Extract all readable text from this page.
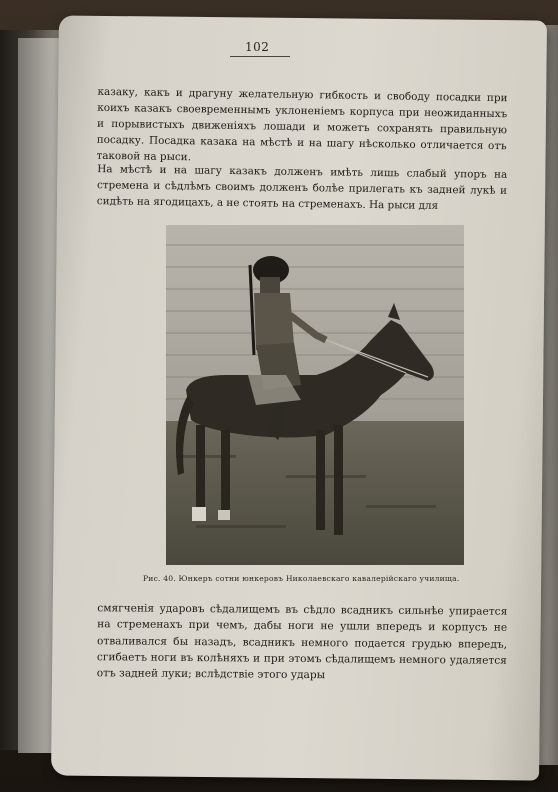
102
казаку, какъ и драгуну желательную гибкость и свободу посадки при коихъ казакъ своевременнымъ уклоненіемъ корпуса при неожиданныхъ и порывистыхъ движеніяхъ лошади и можетъ сохранять правильную посадку. Посадка казака на мѣстѣ и на шагу нѣсколько отличается отъ таковой на рыси.
На мѣстѣ и на шагу казакъ долженъ имѣть лишь слабый упоръ на стремена и сѣдлѣмъ своимъ долженъ болѣе прилегать къ задней лукѣ и сидѣть на ягодицахъ, а не стоять на стременахъ. На рыси для
Рис. 40. Юнкеръ сотни юнкеровъ Николаевскаго кавалерійскаго училища.
смягченія ударовъ сѣдалищемъ въ сѣдло всадникъ сильнѣе упирается на стременахъ при чемъ, дабы ноги не ушли впередъ и корпусъ не отваливался бы назадъ, всадникъ немного подается грудью впередъ, сгибаетъ ноги въ колѣняхъ и при этомъ сѣдалищемъ немного удаляется отъ задней луки; вслѣдствіе этого удары
